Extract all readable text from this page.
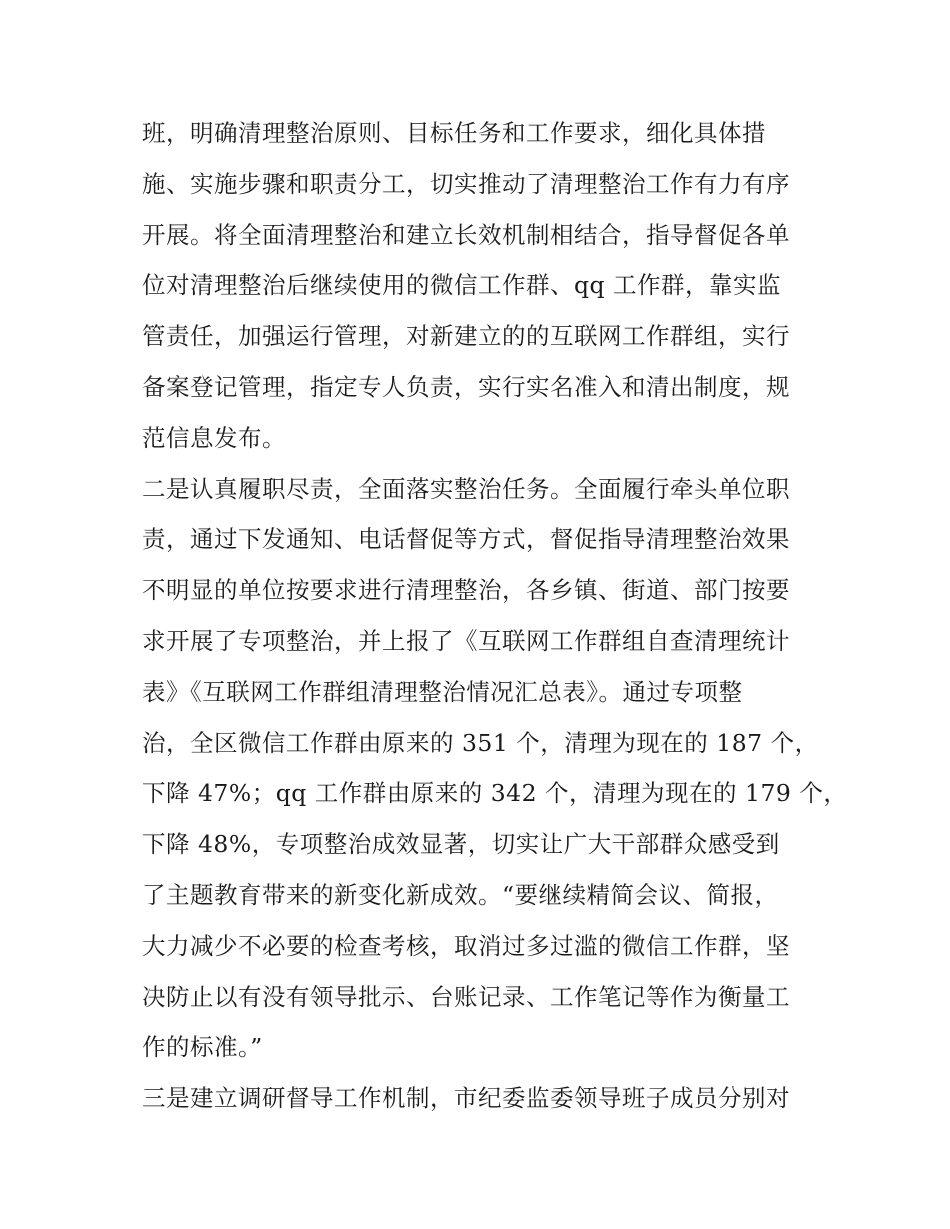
班，明确清理整治原则、目标任务和工作要求，细化具体措
施、实施步骤和职责分工，切实推动了清理整治工作有力有序
开展。将全面清理整治和建立长效机制相结合，指导督促各单
位对清理整治后继续使用的微信工作群、qq 工作群，靠实监
管责任，加强运行管理，对新建立的的互联网工作群组，实行
备案登记管理，指定专人负责，实行实名准入和清出制度，规
范信息发布。
二是认真履职尽责，全面落实整治任务。全面履行牵头单位职
责，通过下发通知、电话督促等方式，督促指导清理整治效果
不明显的单位按要求进行清理整治，各乡镇、街道、部门按要
求开展了专项整治，并上报了《互联网工作群组自查清理统计
表》《互联网工作群组清理整治情况汇总表》。通过专项整
治，全区微信工作群由原来的 351 个，清理为现在的 187 个，
下降 47%；qq 工作群由原来的 342 个，清理为现在的 179 个，
下降 48%，专项整治成效显著，切实让广大干部群众感受到
了主题教育带来的新变化新成效。“要继续精简会议、简报，
大力减少不必要的检查考核，取消过多过滥的微信工作群，坚
决防止以有没有领导批示、台账记录、工作笔记等作为衡量工
作的标准。”
三是建立调研督导工作机制，市纪委监委领导班子成员分别对
